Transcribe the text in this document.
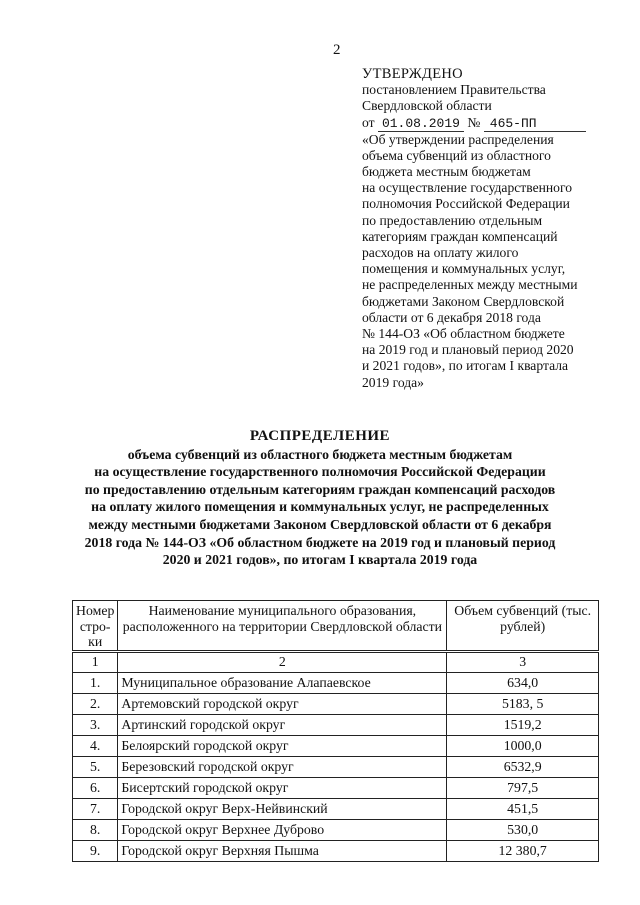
2

УТВЕРЖДЕНО

постановлением Правительства

Свердловской области

от 01.08.2019 № 465-ПП

«Об утверждении распределения

объема субвенций из областного

бюджета местным бюджетам

на осуществление государственного

полномочия Российской Федерации

по предоставлению отдельным

категориям граждан компенсаций

расходов на оплату жилого

помещения и коммунальных услуг,

не распределенных между местными

бюджетами Законом Свердловской

области от 6 декабря 2018 года

№ 144-ОЗ «Об областном бюджете

на 2019 год и плановый период 2020

и 2021 годов», по итогам I квартала

2019 года»

РАСПРЕДЕЛЕНИЕ

объема субвенций из областного бюджета местным бюджетам

на осуществление государственного полномочия Российской Федерации

по предоставлению отдельным категориям граждан компенсаций расходов

на оплату жилого помещения и коммунальных услуг, не распределенных

между местными бюджетами Законом Свердловской области от 6 декабря

2018 года № 144-ОЗ «Об областном бюджете на 2019 год и плановый период

2020 и 2021 годов», по итогам I квартала 2019 года

Номер стро-ки	Наименование муниципального образования, расположенного на территории Свердловской области	Объем субвенций (тыс. рублей)
1	2	3
1.	Муниципальное образование Алапаевское	634,0
2.	Артемовский городской округ	5183, 5
3.	Артинский городской округ	1519,2
4.	Белоярский городской округ	1000,0
5.	Березовский городской округ	6532,9
6.	Бисертский городской округ	797,5
7.	Городской округ Верх-Нейвинский	451,5
8.	Городской округ Верхнее Дуброво	530,0
9.	Городской округ Верхняя Пышма	12 380,7
